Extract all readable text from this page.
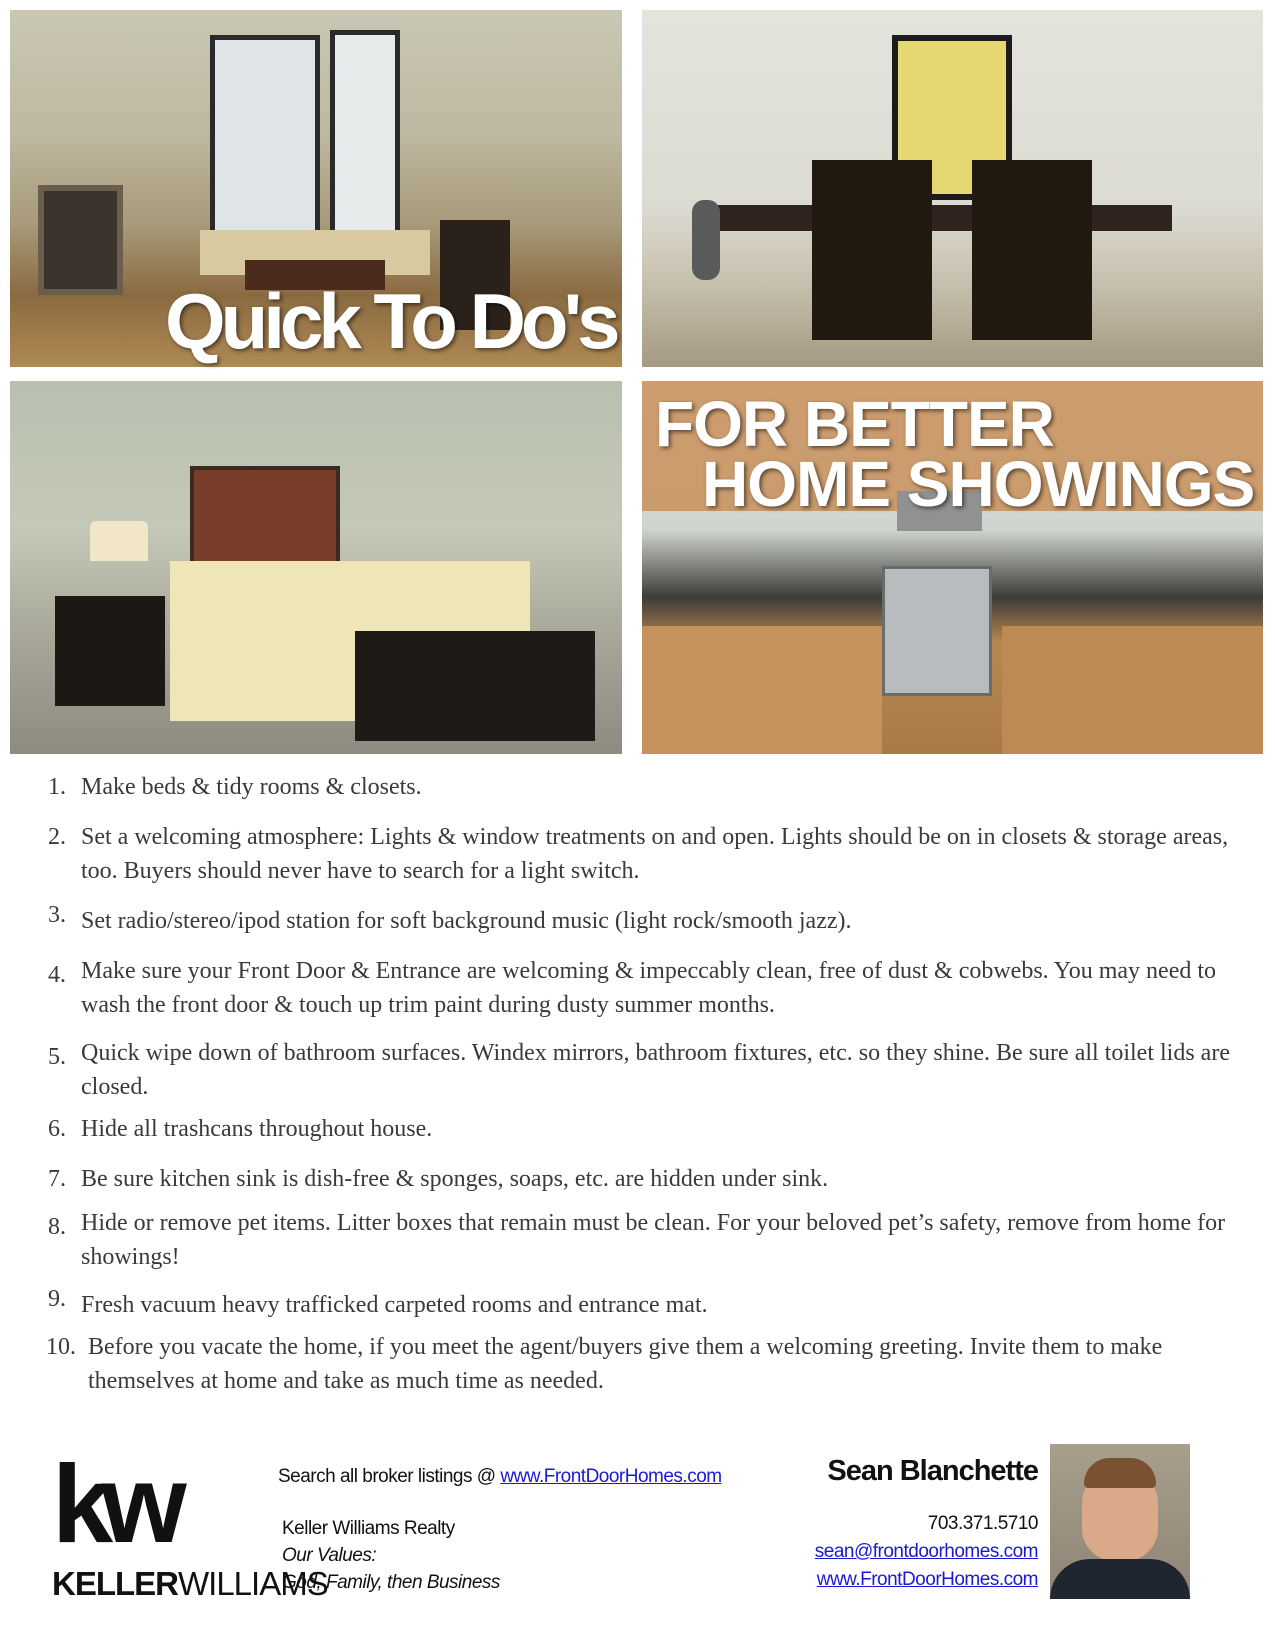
Quick To Do's
FOR BETTER
HOME SHOWINGS
1. Make beds & tidy rooms & closets.
2. Set a welcoming atmosphere: Lights & window treatments on and open. Lights should be on in closets & storage areas, too. Buyers should never have to search for a light switch.
3. Set radio/stereo/ipod station for soft background music (light rock/smooth jazz).
4. Make sure your Front Door & Entrance are welcoming & impeccably clean, free of dust & cobwebs. You may need to wash the front door & touch up trim paint during dusty summer months.
5. Quick wipe down of bathroom surfaces. Windex mirrors, bathroom fixtures, etc. so they shine. Be sure all toilet lids are closed.
6. Hide all trashcans throughout house.
7. Be sure kitchen sink is dish-free & sponges, soaps, etc. are hidden under sink.
8. Hide or remove pet items. Litter boxes that remain must be clean. For your beloved pet’s safety, remove from home for showings!
9. Fresh vacuum heavy trafficked carpeted rooms and entrance mat.
10. Before you vacate the home, if you meet the agent/buyers give them a welcoming greeting. Invite them to make themselves at home and take as much time as needed.
kw
KELLERWILLIAMS
Search all broker listings @ www.FrontDoorHomes.com
Keller Williams Realty
Our Values:
God, Family, then Business
Sean Blanchette
703.371.5710
sean@frontdoorhomes.com
www.FrontDoorHomes.com
